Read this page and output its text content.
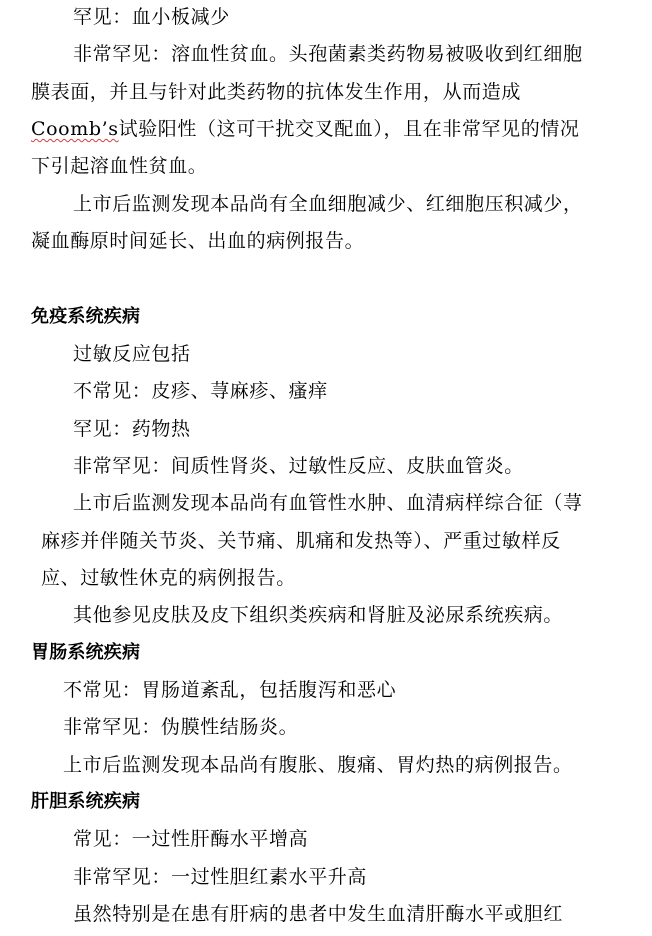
罕见：血小板减少
非常罕见：溶血性贫血。头孢菌素类药物易被吸收到红细胞
膜表面，并且与针对此类药物的抗体发生作用，从而造成
Coomb’s试验阳性（这可干扰交叉配血），且在非常罕见的情况
下引起溶血性贫血。
上市后监测发现本品尚有全血细胞减少、红细胞压积减少，
凝血酶原时间延长、出血的病例报告。
免疫系统疾病
过敏反应包括
不常见：皮疹、荨麻疹、瘙痒
罕见：药物热
非常罕见：间质性肾炎、过敏性反应、皮肤血管炎。
上市后监测发现本品尚有血管性水肿、血清病样综合征（荨
麻疹并伴随关节炎、关节痛、肌痛和发热等）、严重过敏样反
应、过敏性休克的病例报告。
其他参见皮肤及皮下组织类疾病和肾脏及泌尿系统疾病。
胃肠系统疾病
不常见：胃肠道紊乱，包括腹泻和恶心
非常罕见：伪膜性结肠炎。
上市后监测发现本品尚有腹胀、腹痛、胃灼热的病例报告。
肝胆系统疾病
常见：一过性肝酶水平增高
非常罕见：一过性胆红素水平升高
虽然特别是在患有肝病的患者中发生血清肝酶水平或胆红
